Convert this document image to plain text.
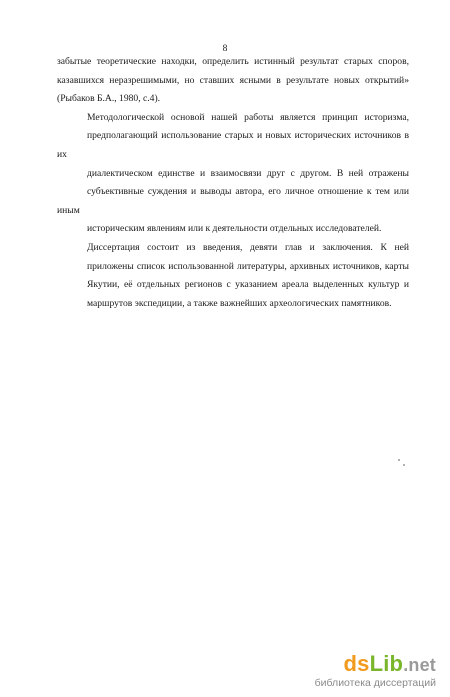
8

забытые теоретические находки, определить истинный результат старых споров,
казавшихся неразрешимыми, но ставших ясными в результате новых открытий»
(Рыбаков Б.А., 1980, с.4).

Методологической основой нашей работы является принцип историзма,
предполагающий использование старых и новых исторических источников в их
диалектическом единстве и взаимосвязи друг с другом. В ней отражены
субъективные суждения и выводы автора, его личное отношение к тем или иным
историческим явлениям или к деятельности отдельных исследователей.

Диссертация состоит из введения, девяти глав и заключения. К ней
приложены список использованной литературы, архивных источников, карты
Якутии, её отдельных регионов с указанием ареала выделенных культур и
маршрутов экспедиции, а также важнейших археологических памятников.

dsLib.net
библиотека диссертаций
